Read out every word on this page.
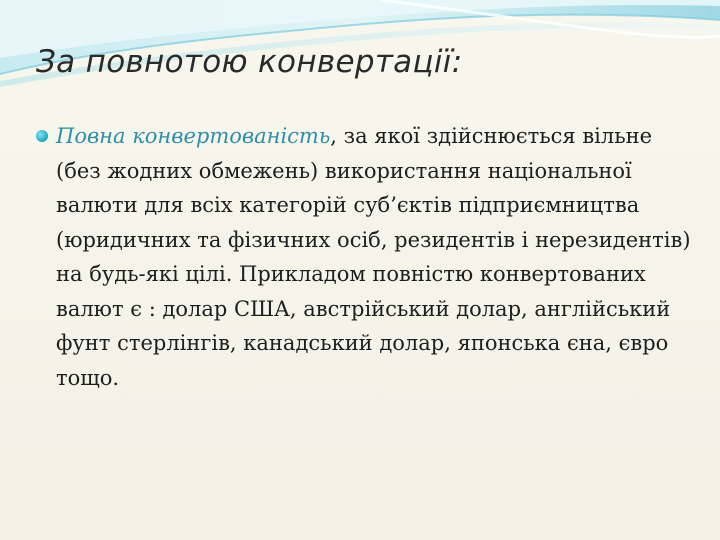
За повнотою конвертації:
Повна конвертованість, за якої здійснюється вільне (без жодних обмежень) використання національної валюти для всіх категорій суб’єктів підприємництва (юридичних та фізичних осіб, резидентів і нерезидентів) на будь-які цілі. Прикладом повністю конвертованих валют є : долар США, австрійський долар, англійський фунт стерлінгів, канадський долар, японська єна, євро тощо.
